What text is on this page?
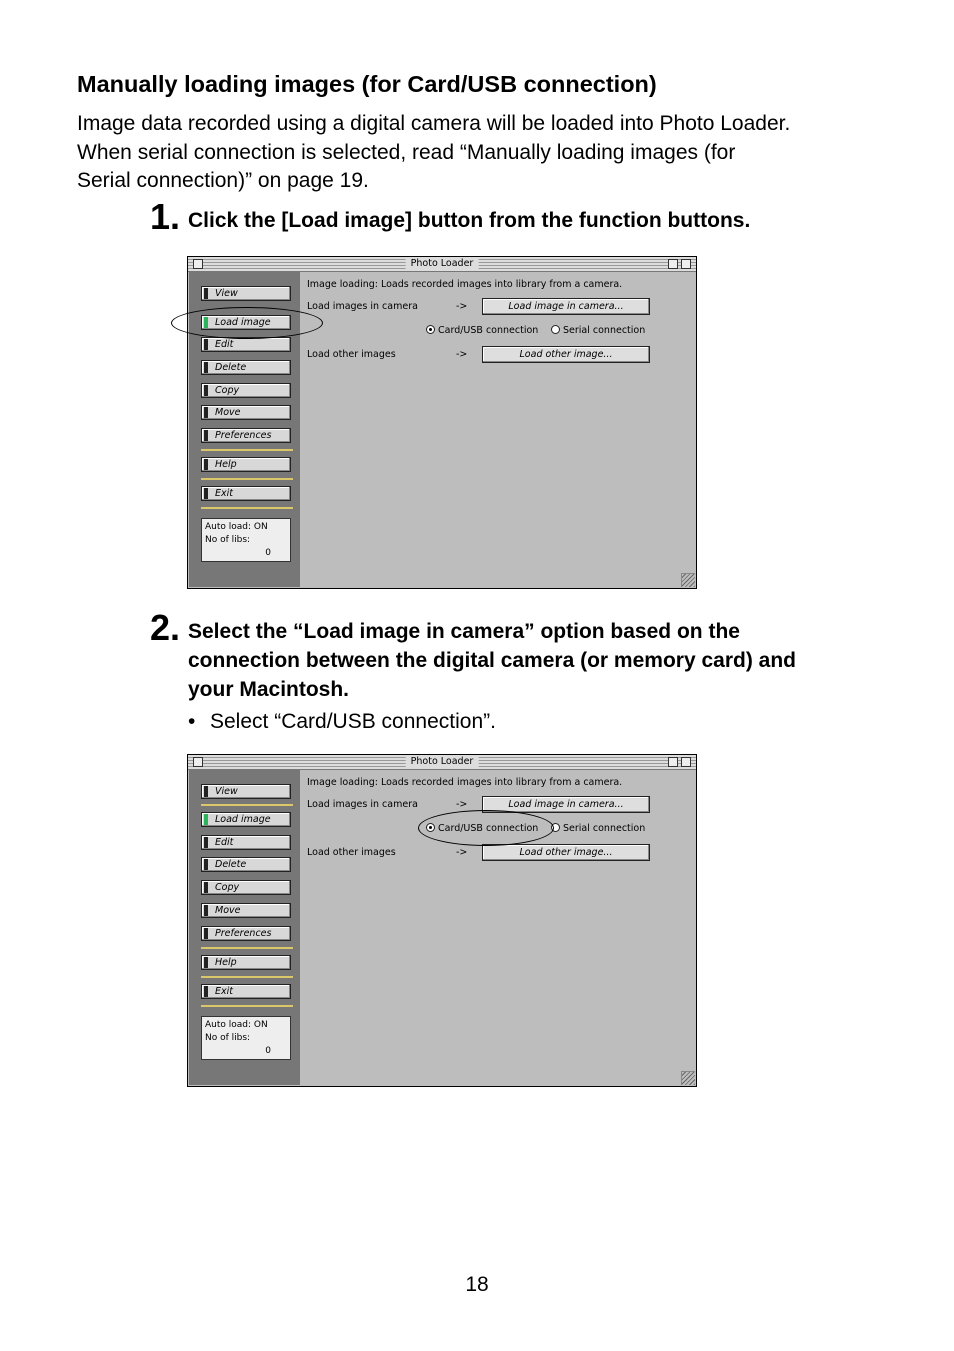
Manually loading images (for Card/USB connection)
Image data recorded using a digital camera will be loaded into Photo Loader.
When serial connection is selected, read “Manually loading images (for
Serial connection)” on page 19.
1. Click the [Load image] button from the function buttons.
Photo Loader
View
Load image
Edit
Delete
Copy
Move
Preferences
Help
Exit
Auto load: ON
No of libs:
0
Image loading: Loads recorded images into library from a camera.
Load images in camera	->	Load image in camera...
Card/USB connection	Serial connection
Load other images	->	Load other image...
2. Select the “Load image in camera” option based on the
connection between the digital camera (or memory card) and
your Macintosh.
• Select “Card/USB connection”.
Photo Loader
View
Load image
Edit
Delete
Copy
Move
Preferences
Help
Exit
Auto load: ON
No of libs:
0
Image loading: Loads recorded images into library from a camera.
Load images in camera	->	Load image in camera...
Card/USB connection	Serial connection
Load other images	->	Load other image...
18
